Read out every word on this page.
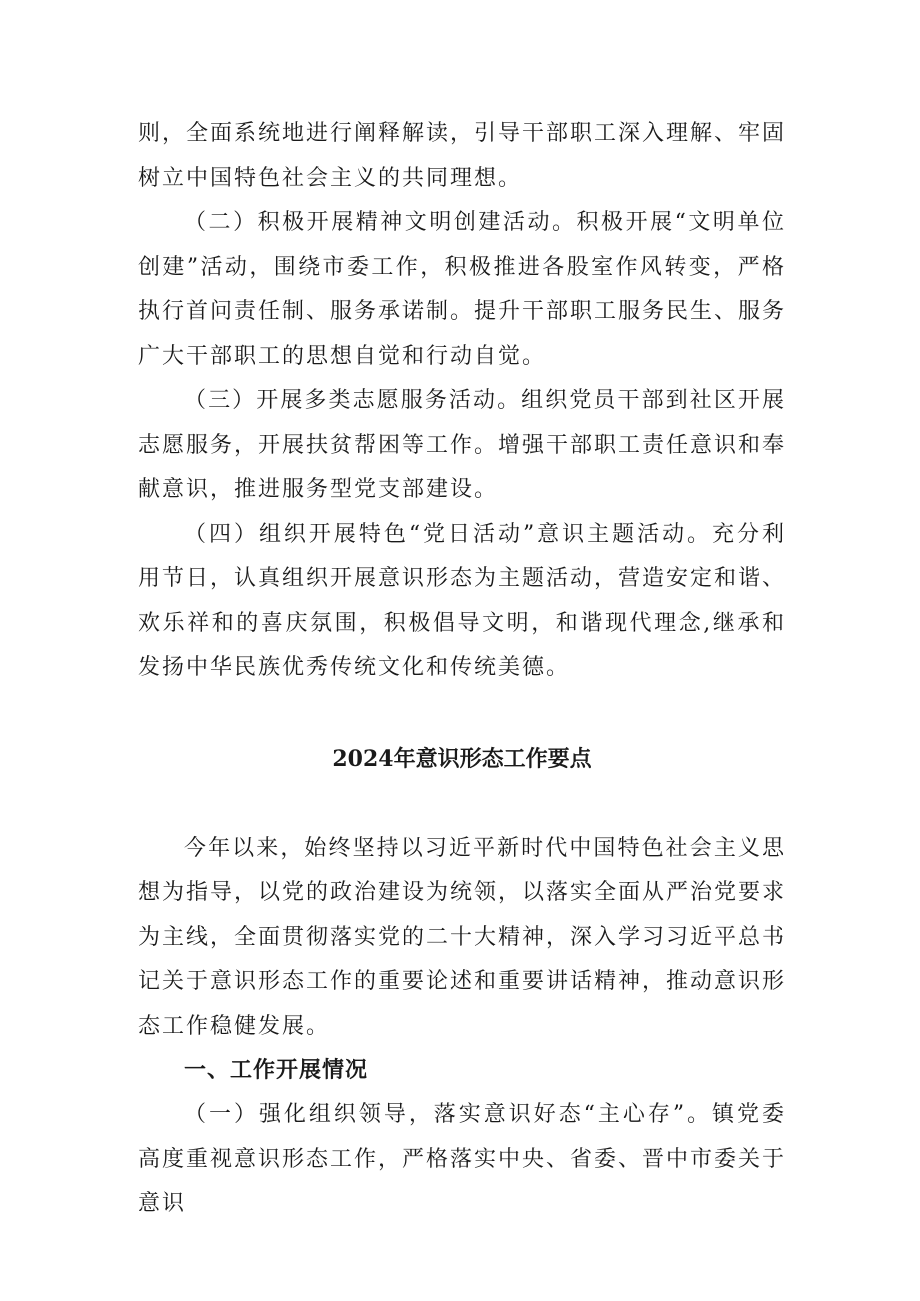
则，全面系统地进行阐释解读，引导干部职工深入理解、牢固树立中国特色社会主义的共同理想。

（二）积极开展精神文明创建活动。积极开展“文明单位创建”活动，围绕市委工作，积极推进各股室作风转变，严格执行首问责任制、服务承诺制。提升干部职工服务民生、服务广大干部职工的思想自觉和行动自觉。

（三）开展多类志愿服务活动。组织党员干部到社区开展志愿服务，开展扶贫帮困等工作。增强干部职工责任意识和奉献意识，推进服务型党支部建设。

（四）组织开展特色“党日活动”意识主题活动。充分利用节日，认真组织开展意识形态为主题活动，营造安定和谐、欢乐祥和的喜庆氛围，积极倡导文明，和谐现代理念,继承和发扬中华民族优秀传统文化和传统美德。

2024年意识形态工作要点

今年以来，始终坚持以习近平新时代中国特色社会主义思想为指导，以党的政治建设为统领，以落实全面从严治党要求为主线，全面贯彻落实党的二十大精神，深入学习习近平总书记关于意识形态工作的重要论述和重要讲话精神，推动意识形态工作稳健发展。

一、工作开展情况

（一）强化组织领导，落实意识好态“主心存”。镇党委高度重视意识形态工作，严格落实中央、省委、晋中市委关于意识
